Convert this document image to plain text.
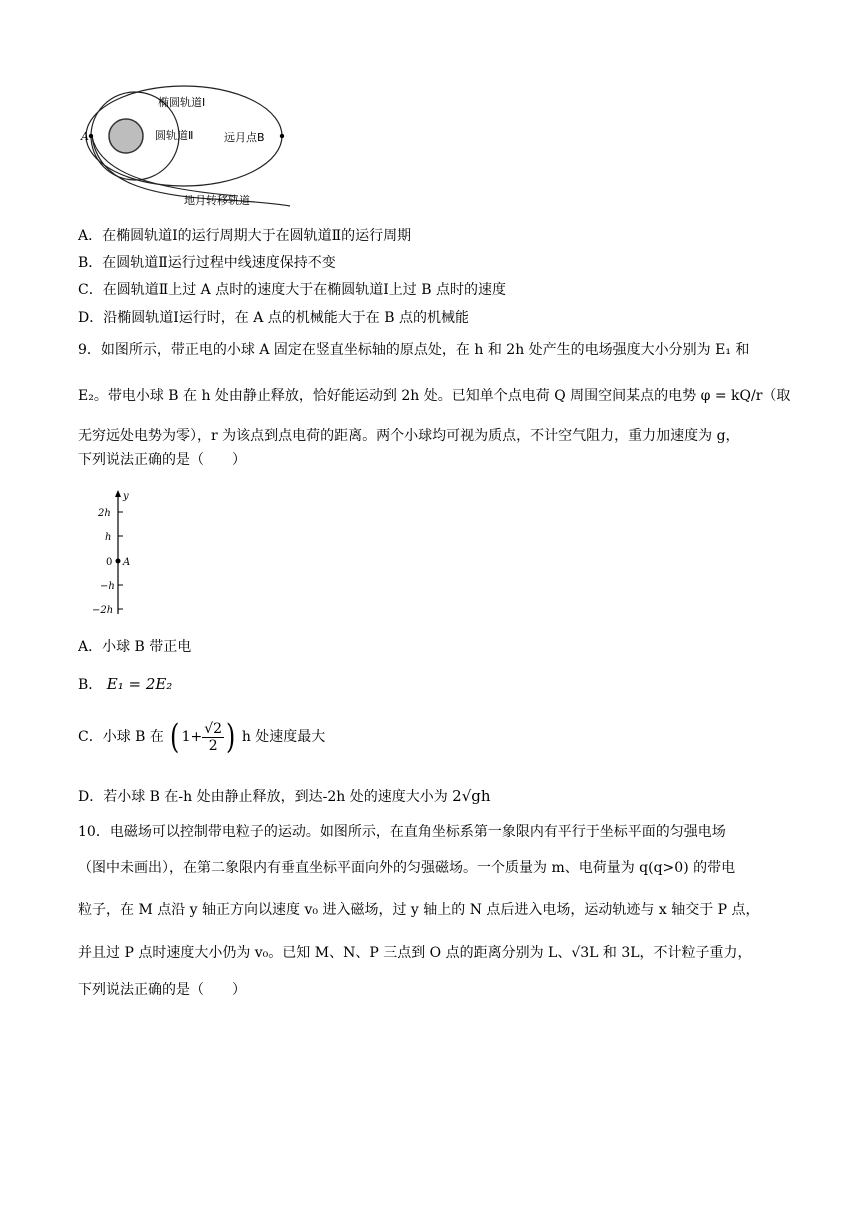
椭圆轨道Ⅰ
圆轨道Ⅱ
A	远月点B
地月转移轨道
A．在椭圆轨道Ⅰ的运行周期大于在圆轨道Ⅱ的运行周期
B．在圆轨道Ⅱ运行过程中线速度保持不变
C．在圆轨道Ⅱ上过 A 点时的速度大于在椭圆轨道Ⅰ上过 B 点时的速度
D．沿椭圆轨道Ⅰ运行时，在 A 点的机械能大于在 B 点的机械能
9．如图所示，带正电的小球 A 固定在竖直坐标轴的原点处，在 h 和 2h 处产生的电场强度大小分别为 E₁ 和
E₂。带电小球 B 在 h 处由静止释放，恰好能运动到 2h 处。已知单个点电荷 Q 周围空间某点的电势 φ = kQ/r（取
无穷远处电势为零），r 为该点到点电荷的距离。两个小球均可视为质点，不计空气阻力，重力加速度为 g，
下列说法正确的是（　　）
y
2h
h
0 A
−h
−2h
A．小球 B 带正电
B． E₁ = 2E₂
C．小球 B 在 ( $1+ \frac{√2}{2}$ ) h 处速度最大
D．若小球 B 在-h 处由静止释放，到达-2h 处的速度大小为 2√gh
10．电磁场可以控制带电粒子的运动。如图所示，在直角坐标系第一象限内有平行于坐标平面的匀强电场
（图中未画出），在第二象限内有垂直坐标平面向外的匀强磁场。一个质量为 m、电荷量为 q(q>0) 的带电
粒子，在 M 点沿 y 轴正方向以速度 v₀ 进入磁场，过 y 轴上的 N 点后进入电场，运动轨迹与 x 轴交于 P 点，
并且过 P 点时速度大小仍为 v₀。已知 M、N、P 三点到 O 点的距离分别为 L、√3L 和 3L，不计粒子重力，
下列说法正确的是（　　）
